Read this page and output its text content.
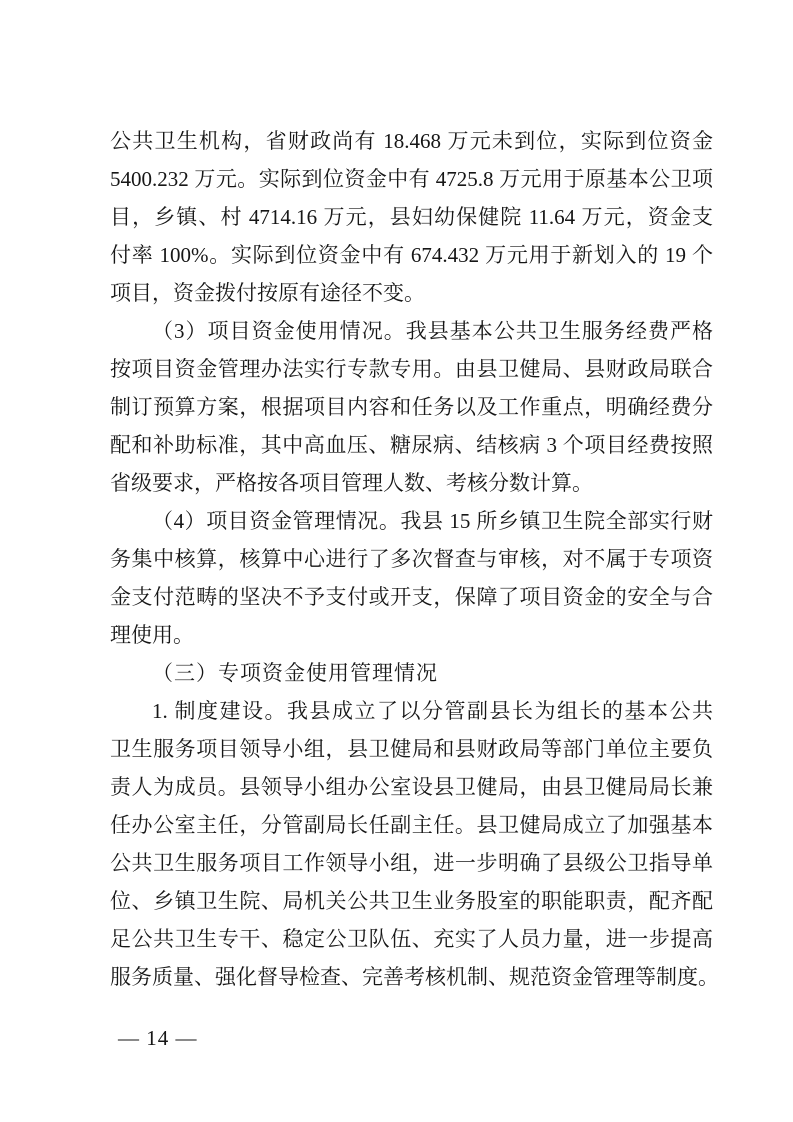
公共卫生机构，省财政尚有 18.468 万元未到位，实际到位资金
5400.232 万元。实际到位资金中有 4725.8 万元用于原基本公卫项
目，乡镇、村 4714.16 万元，县妇幼保健院 11.64 万元，资金支
付率 100%。实际到位资金中有 674.432 万元用于新划入的 19 个
项目，资金拨付按原有途径不变。
（3）项目资金使用情况。我县基本公共卫生服务经费严格
按项目资金管理办法实行专款专用。由县卫健局、县财政局联合
制订预算方案，根据项目内容和任务以及工作重点，明确经费分
配和补助标准，其中高血压、糖尿病、结核病 3 个项目经费按照
省级要求，严格按各项目管理人数、考核分数计算。
（4）项目资金管理情况。我县 15 所乡镇卫生院全部实行财
务集中核算，核算中心进行了多次督查与审核，对不属于专项资
金支付范畴的坚决不予支付或开支，保障了项目资金的安全与合
理使用。
（三）专项资金使用管理情况
1. 制度建设。我县成立了以分管副县长为组长的基本公共
卫生服务项目领导小组，县卫健局和县财政局等部门单位主要负
责人为成员。县领导小组办公室设县卫健局，由县卫健局局长兼
任办公室主任，分管副局长任副主任。县卫健局成立了加强基本
公共卫生服务项目工作领导小组，进一步明确了县级公卫指导单
位、乡镇卫生院、局机关公共卫生业务股室的职能职责，配齐配
足公共卫生专干、稳定公卫队伍、充实了人员力量，进一步提高
服务质量、强化督导检查、完善考核机制、规范资金管理等制度。
— 14 —
